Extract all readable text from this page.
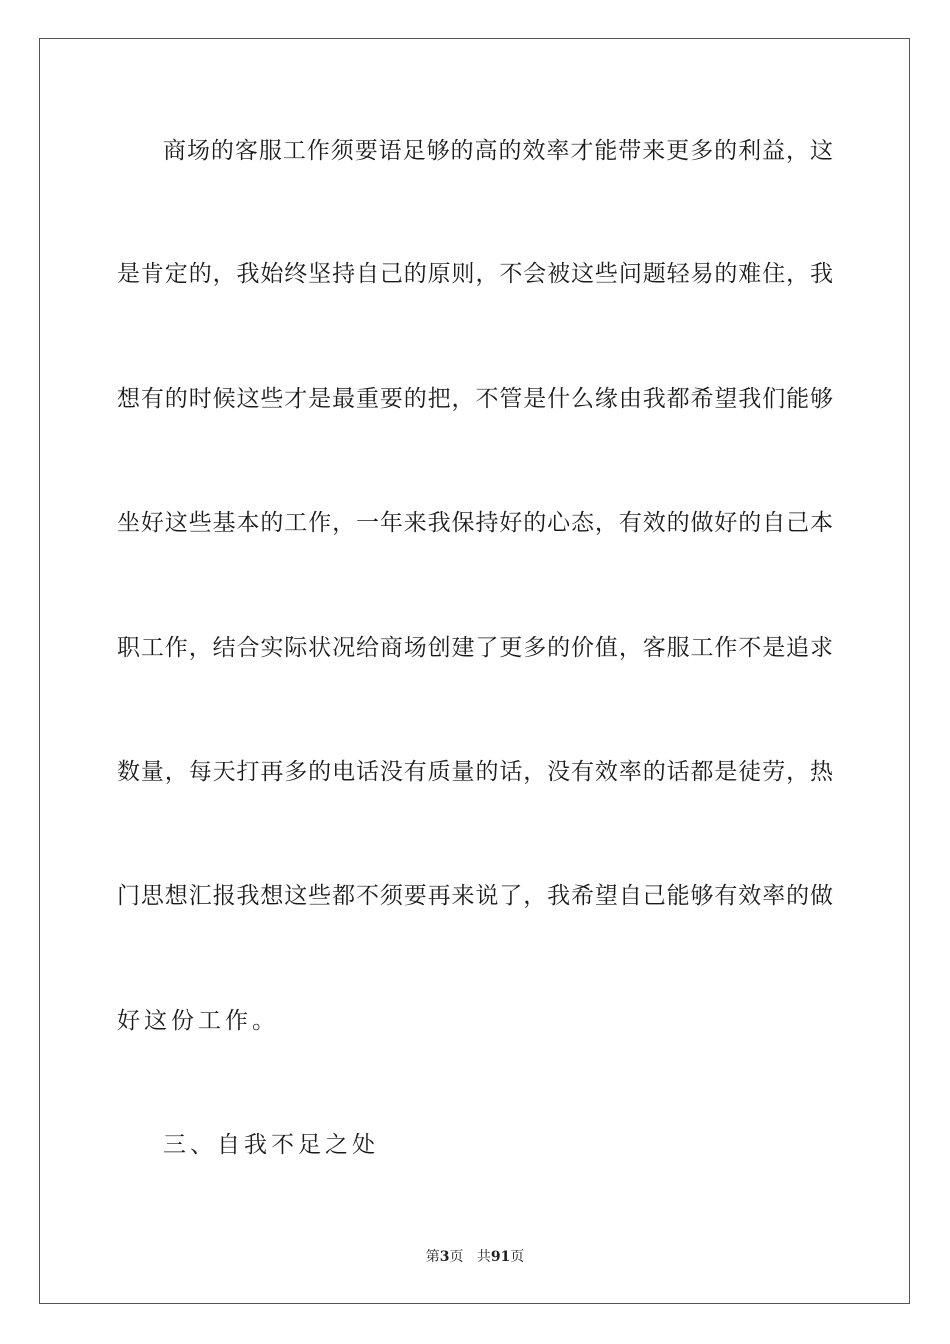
商场的客服工作须要语足够的高的效率才能带来更多的利益，这
是肯定的，我始终坚持自己的原则，不会被这些问题轻易的难住，我
想有的时候这些才是最重要的把，不管是什么缘由我都希望我们能够
坐好这些基本的工作，一年来我保持好的心态，有效的做好的自己本
职工作，结合实际状况给商场创建了更多的价值，客服工作不是追求
数量，每天打再多的电话没有质量的话，没有效率的话都是徒劳，热
门思想汇报我想这些都不须要再来说了，我希望自己能够有效率的做
好这份工作。
三、自我不足之处
第3页 共91页
